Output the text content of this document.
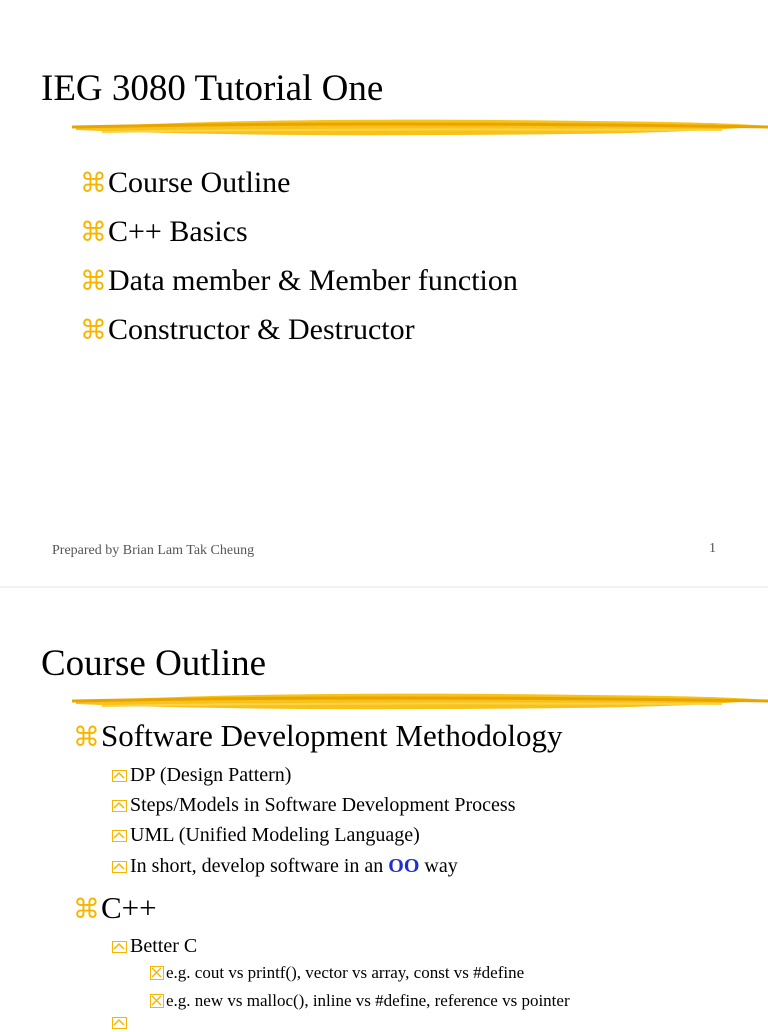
IEG 3080 Tutorial One
⌘Course Outline
⌘C++ Basics
⌘Data member & Member function
⌘Constructor & Destructor
Prepared by Brian Lam Tak Cheung	1
Course Outline
⌘Software Development Methodology
DP (Design Pattern)
Steps/Models in Software Development Process
UML (Unified Modeling Language)
In short, develop software in an OO way
⌘C++
Better C
e.g. cout vs printf(), vector vs array, const vs #define
e.g. new vs malloc(), inline vs #define, reference vs pointer
